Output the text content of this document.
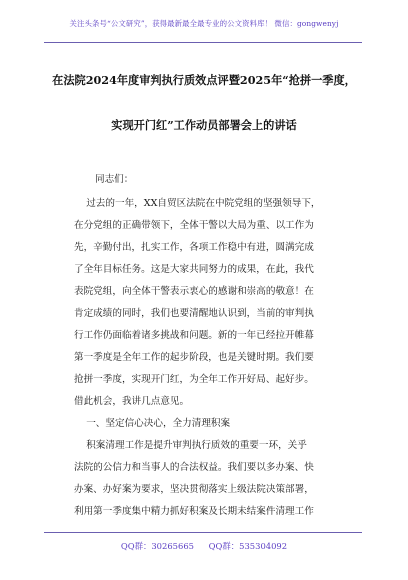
关注头条号“公文研究”，获得最新最全最专业的公文资料库！ 微信：gongwenyj
在法院2024年度审判执行质效点评暨2025年“抢拼一季度，
实现开门红”工作动员部署会上的讲话
同志们：
过去的一年，XX自贸区法院在中院党组的坚强领导下，
在分党组的正确带领下，全体干警以大局为重、以工作为
先，辛勤付出，扎实工作，各项工作稳中有进，圆满完成
了全年目标任务。这是大家共同努力的成果，在此，我代
表院党组，向全体干警表示衷心的感谢和崇高的敬意！在
肯定成绩的同时，我们也要清醒地认识到，当前的审判执
行工作仍面临着诸多挑战和问题。新的一年已经拉开帷幕
第一季度是全年工作的起步阶段，也是关键时期。我们要
抢拼一季度，实现开门红，为全年工作开好局、起好步。
借此机会，我讲几点意见。
一、坚定信心决心，全力清理积案
积案清理工作是提升审判执行质效的重要一环，关乎
法院的公信力和当事人的合法权益。我们要以多办案、快
办案、办好案为要求，坚决贯彻落实上级法院决策部署，
利用第一季度集中精力抓好积案及长期未结案件清理工作
QQ群：30265665 QQ群：535304092
